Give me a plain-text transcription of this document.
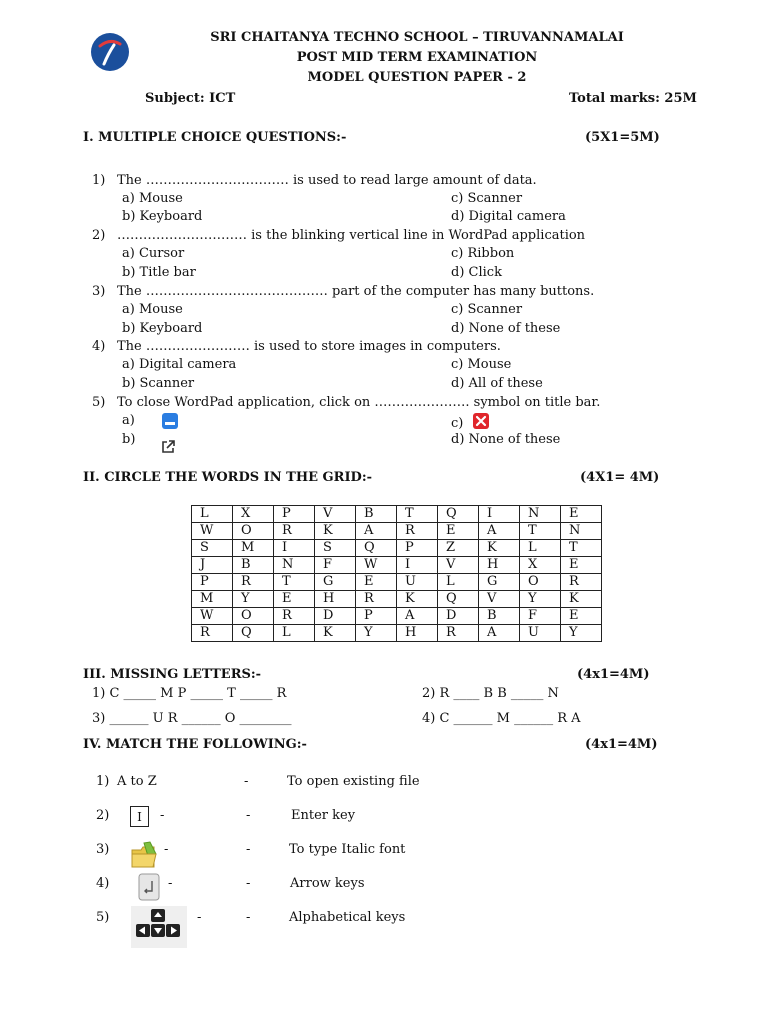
SRI CHAITANYA TECHNO SCHOOL – TIRUVANNAMALAI
POST MID TERM EXAMINATION
MODEL QUESTION PAPER - 2
Subject: ICT	Total marks: 25M
I. MULTIPLE CHOICE QUESTIONS:-	(5X1=5M)
1) The …………………………… is used to read large amount of data.
a) Mouse
b) Keyboard
c) Scanner
d) Digital camera
2) ………………………… is the blinking vertical line in WordPad application
a) Cursor
b) Title bar
c) Ribbon
d) Click
3) The …………………………………… part of the computer has many buttons.
a) Mouse
b) Keyboard
c) Scanner
d) None of these
4) The …………………… is used to store images in computers.
a) Digital camera
b) Scanner
c) Mouse
d) All of these
5) To close WordPad application, click on …………………. symbol on title bar.
a)
b)
c)
d) None of these
II. CIRCLE THE WORDS IN THE GRID:-	(4X1= 4M)
L	X	P	V	B	T	Q	I	N	E
W	O	R	K	A	R	E	A	T	N
S	M	I	S	Q	P	Z	K	L	T
J	B	N	F	W	I	V	H	X	E
P	R	T	G	E	U	L	G	O	R
M	Y	E	H	R	K	Q	V	Y	K
W	O	R	D	P	A	D	B	F	E
R	Q	L	K	Y	H	R	A	U	Y
III. MISSING LETTERS:-	(4x1=4M)
1) C _____ M P _____ T _____ R	2) R ____ B B _____ N
3) ______ U R ______ O ________	4) C ______ M ______ R A
IV. MATCH THE FOLLOWING:-	(4x1=4M)
1) A to Z	-	To open existing file
2)	I	-	-	Enter key
3)	-	-	To type Italic font
4)	-	-	Arrow keys
5)	-	-	Alphabetical keys
